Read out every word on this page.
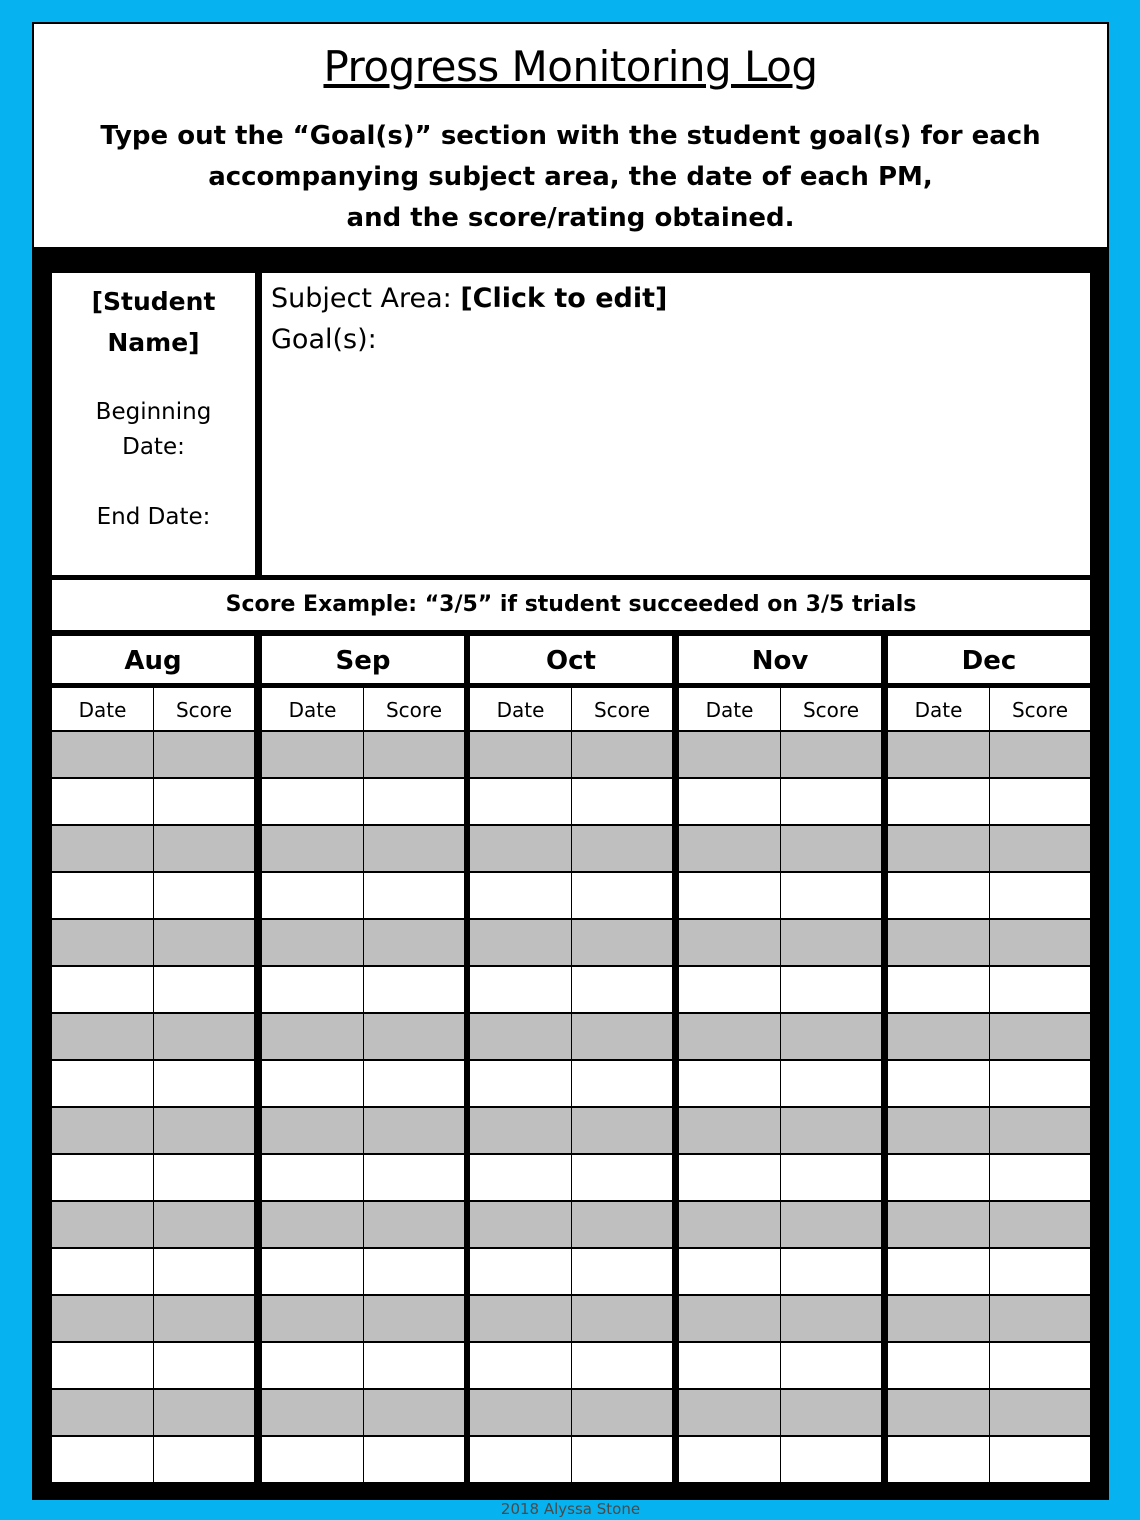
Progress Monitoring Log
Type out the “Goal(s)” section with the student goal(s) for each
accompanying subject area, the date of each PM,
and the score/rating obtained.
2018 Alyssa Stone
[Student
Name]
Beginning
Date:
End Date:
Subject Area: [Click to edit]
Goal(s):
Score Example: “3/5” if student succeeded on 3/5 trials
Aug
Date	Score
Sep
Date	Score
Oct
Date	Score
Nov
Date	Score
Dec
Date	Score
